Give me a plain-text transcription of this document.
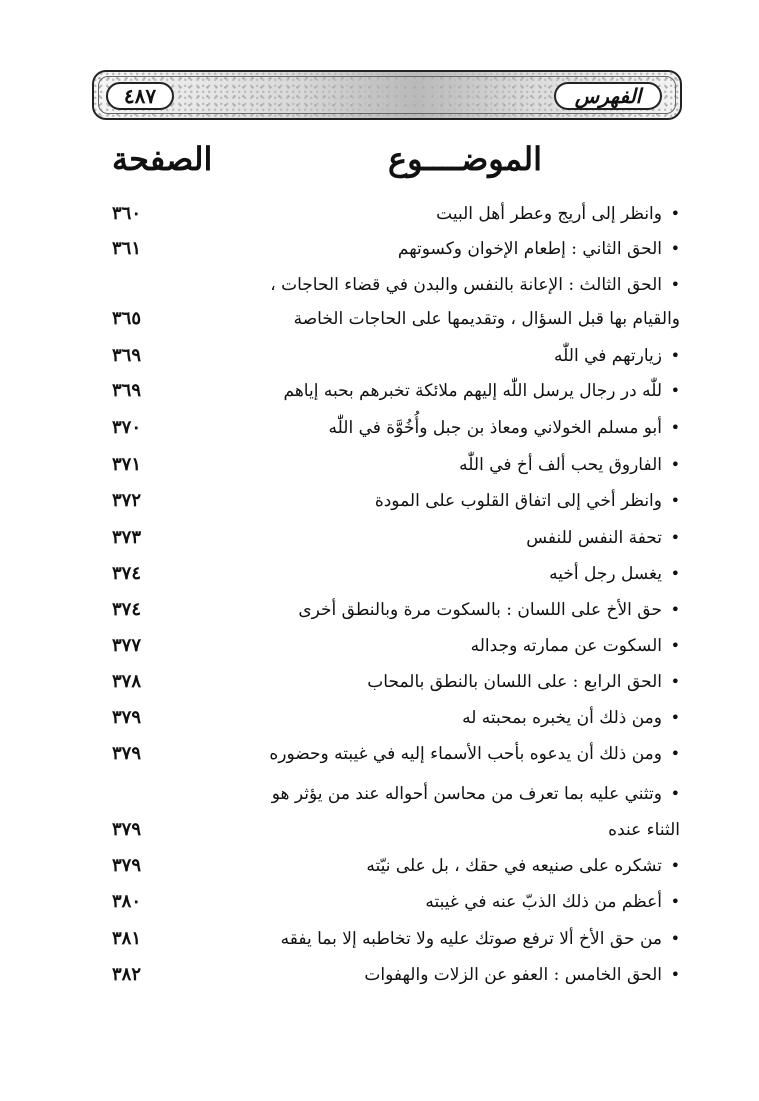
٤٨٧	الفهرس
الصفحة	الموضــــوع
•
وانظر إلى أريج وعطر أهل البيت
٣٦٠
•
الحق الثاني : إطعام الإخوان وكسوتهم
٣٦١
•
الحق الثالث : الإعانة بالنفس والبدن في قضاء الحاجات ،
والقيام بها قبل السؤال ، وتقديمها على الحاجات الخاصة
٣٦٥
•
زيارتهم في اللّٰه
٣٦٩
•
للّٰه در رجال يرسل اللّٰه إليهم ملائكة تخبرهم بحبه إياهم
٣٦٩
•
أبو مسلم الخولاني ومعاذ بن جبل وأُخُوَّة في اللّٰه
٣٧٠
•
الفاروق يحب ألف أخ في اللّٰه
٣٧١
•
وانظر أخي إلى اتفاق القلوب على المودة
٣٧٢
•
تحفة النفس للنفس
٣٧٣
•
يغسل رجل أخيه
٣٧٤
•
حق الأخ على اللسان : بالسكوت مرة وبالنطق أخرى
٣٧٤
•
السكوت عن ممارته وجداله
٣٧٧
•
الحق الرابع : على اللسان بالنطق بالمحاب
٣٧٨
•
ومن ذلك أن يخبره بمحبته له
٣٧٩
•
ومن ذلك أن يدعوه بأحب الأسماء إليه في غيبته وحضوره
٣٧٩
•
وتثني عليه بما تعرف من محاسن أحواله عند من يؤثر هو
الثناء عنده
٣٧٩
•
تشكره على صنيعه في حقك ، بل على نيّته
٣٧٩
•
أعظم من ذلك الذبّ عنه في غيبته
٣٨٠
•
من حق الأخ ألا ترفع صوتك عليه ولا تخاطبه إلا بما يفقه
٣٨١
•
الحق الخامس : العفو عن الزلات والهفوات
٣٨٢
